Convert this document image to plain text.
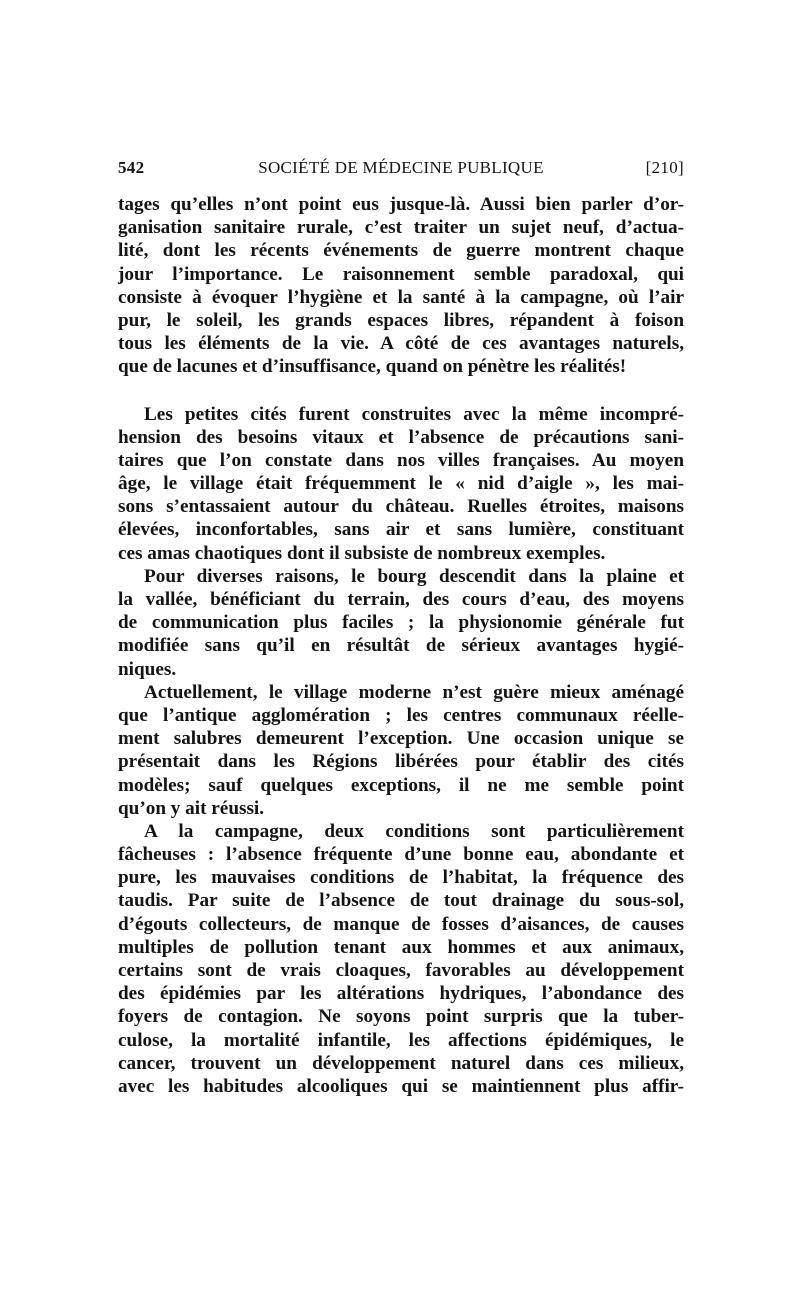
542	SOCIÉTÉ DE MÉDECINE PUBLIQUE	[210]
tages qu’elles n’ont point eus jusque-là. Aussi bien parler d’or-
ganisation sanitaire rurale, c’est traiter un sujet neuf, d’actua-
lité, dont les récents événements de guerre montrent chaque
jour l’importance. Le raisonnement semble paradoxal, qui
consiste à évoquer l’hygiène et la santé à la campagne, où l’air
pur, le soleil, les grands espaces libres, répandent à foison
tous les éléments de la vie. A côté de ces avantages naturels,
que de lacunes et d’insuffisance, quand on pénètre les réalités!
Les petites cités furent construites avec la même incompré-
hension des besoins vitaux et l’absence de précautions sani-
taires que l’on constate dans nos villes françaises. Au moyen
âge, le village était fréquemment le « nid d’aigle », les mai-
sons s’entassaient autour du château. Ruelles étroites, maisons
élevées, inconfortables, sans air et sans lumière, constituant
ces amas chaotiques dont il subsiste de nombreux exemples.
Pour diverses raisons, le bourg descendit dans la plaine et
la vallée, bénéficiant du terrain, des cours d’eau, des moyens
de communication plus faciles ; la physionomie générale fut
modifiée sans qu’il en résultât de sérieux avantages hygié-
niques.
Actuellement, le village moderne n’est guère mieux aménagé
que l’antique agglomération ; les centres communaux réelle-
ment salubres demeurent l’exception. Une occasion unique se
présentait dans les Régions libérées pour établir des cités
modèles; sauf quelques exceptions, il ne me semble point
qu’on y ait réussi.
A la campagne, deux conditions sont particulièrement
fâcheuses : l’absence fréquente d’une bonne eau, abondante et
pure, les mauvaises conditions de l’habitat, la fréquence des
taudis. Par suite de l’absence de tout drainage du sous-sol,
d’égouts collecteurs, de manque de fosses d’aisances, de causes
multiples de pollution tenant aux hommes et aux animaux,
certains sont de vrais cloaques, favorables au développement
des épidémies par les altérations hydriques, l’abondance des
foyers de contagion. Ne soyons point surpris que la tuber-
culose, la mortalité infantile, les affections épidémiques, le
cancer, trouvent un développement naturel dans ces milieux,
avec les habitudes alcooliques qui se maintiennent plus affir-
